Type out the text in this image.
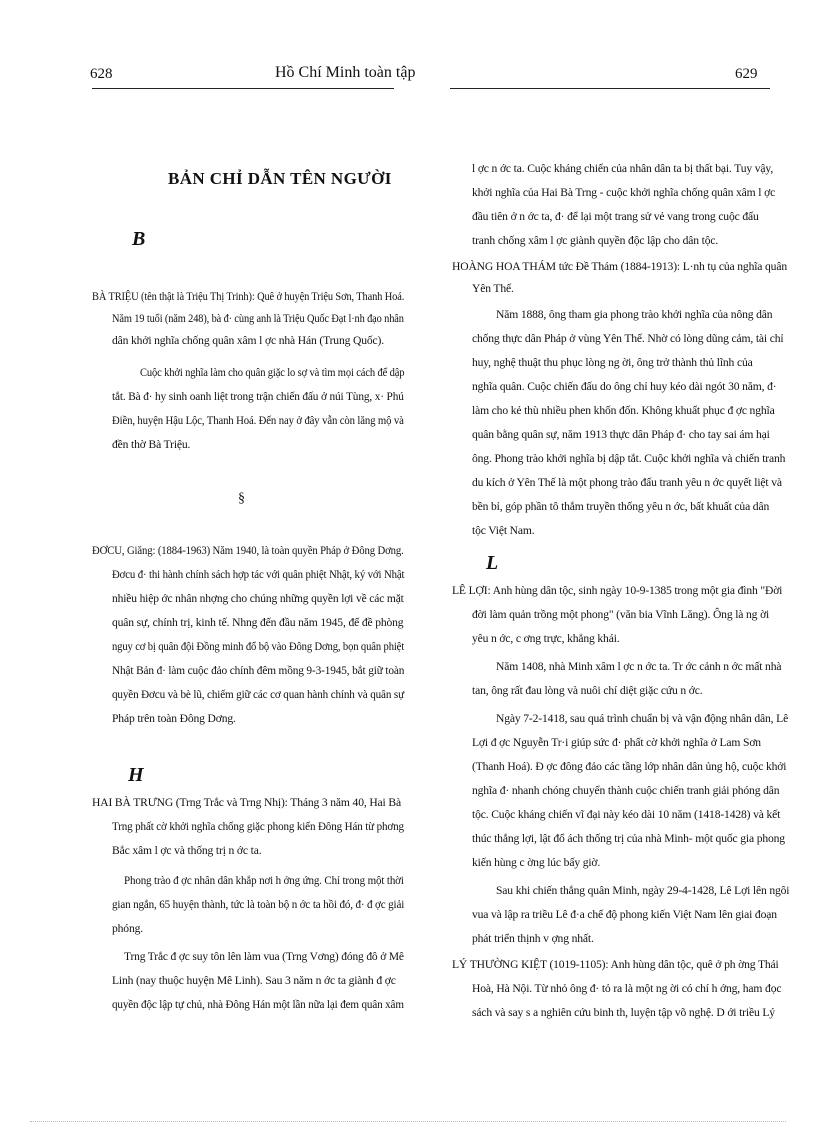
628	Hồ Chí Minh toàn tập	629
BẢN CHỈ DẪN TÊN NGƯỜI
B
BÀ TRIỆU (tên thật là Triệu Thị Trinh): Quê ở huyện Triệu Sơn, Thanh Hoá.
Năm 19 tuổi (năm 248), bà đ· cùng anh là Triệu Quốc Đạt l·nh đạo nhân
dân khởi nghĩa chống quân xâm l ợc nhà Hán (Trung Quốc).
Cuộc khởi nghĩa làm cho quân giặc lo sợ và tìm mọi cách để dập
tắt. Bà đ· hy sinh oanh liệt trong trận chiến đấu ở núi Tùng, x· Phú
Điền, huyện Hậu Lộc, Thanh Hoá. Đến nay ở đây vẫn còn lăng mộ và
đền thờ Bà Triệu.
§
ĐƠCU, Giăng: (1884-1963) Năm 1940, là toàn quyền Pháp ở Đông Dơng.
Đơcu đ· thi hành chính sách hợp tác với quân phiệt Nhật, ký với Nhật
nhiều hiệp ớc nhân nhợng cho chúng những quyền lợi về các mặt
quân sự, chính trị, kinh tế. Nhng đến đầu năm 1945, để đề phòng
nguy cơ bị quân đội Đồng minh đổ bộ vào Đông Dơng, bọn quân phiệt
Nhật Bản đ· làm cuộc đảo chính đêm mồng 9-3-1945, bắt giữ toàn
quyền Đơcu và bè lũ, chiếm giữ các cơ quan hành chính và quân sự
Pháp trên toàn Đông Dơng.
H
HAI BÀ TRƯNG (Trng Trắc và Trng Nhị): Tháng 3 năm 40, Hai Bà
Trng phất cờ khởi nghĩa chống giặc phong kiến Đông Hán từ phơng
Bắc xâm l ợc và thống trị n ớc ta.
Phong trào đ ợc nhân dân khắp nơi h ởng ứng. Chỉ trong một thời
gian ngắn, 65 huyện thành, tức là toàn bộ n ớc ta hồi đó, đ· đ ợc giải
phóng.
Trng Trắc đ ợc suy tôn lên làm vua (Trng Vơng) đóng đô ở Mê
Linh (nay thuộc huyện Mê Linh). Sau 3 năm n ớc ta giành đ ợc
quyền độc lập tự chủ, nhà Đông Hán một lần nữa lại đem quân xâm
l ợc n ớc ta. Cuộc kháng chiến của nhân dân ta bị thất bại. Tuy vậy,
khởi nghĩa của Hai Bà Trng - cuộc khởi nghĩa chống quân xâm l ợc
đầu tiên ở n ớc ta, đ· để lại một trang sử vẻ vang trong cuộc đấu
tranh chống xâm l ợc giành quyền độc lập cho dân tộc.
HOÀNG HOA THÁM tức Đề Thám (1884-1913): L·nh tụ của nghĩa quân
Yên Thế.
Năm 1888, ông tham gia phong trào khởi nghĩa của nông dân
chống thực dân Pháp ở vùng Yên Thế. Nhờ có lòng dũng cảm, tài chỉ
huy, nghệ thuật thu phục lòng ng ời, ông trở thành thủ lĩnh của
nghĩa quân. Cuộc chiến đấu do ông chỉ huy kéo dài ngót 30 năm, đ·
làm cho kẻ thù nhiều phen khốn đốn. Không khuất phục đ ợc nghĩa
quân bằng quân sự, năm 1913 thực dân Pháp đ· cho tay sai ám hại
ông. Phong trào khởi nghĩa bị dập tắt. Cuộc khởi nghĩa và chiến tranh
du kích ở Yên Thế là một phong trào đấu tranh yêu n ớc quyết liệt và
bền bỉ, góp phần tô thắm truyền thống yêu n ớc, bất khuất của dân
tộc Việt Nam.
L
LÊ LỢI: Anh hùng dân tộc, sinh ngày 10-9-1385 trong một gia đình "Đời
đời làm quản trồng một phong" (văn bia Vĩnh Lăng). Ông là ng ời
yêu n ớc, c ơng trực, khẳng khái.
Năm 1408, nhà Minh xâm l ợc n ớc ta. Tr ớc cảnh n ớc mất nhà
tan, ông rất đau lòng và nuôi chí diệt giặc cứu n ớc.
Ngày 7-2-1418, sau quá trình chuẩn bị và vận động nhân dân, Lê
Lợi đ ợc Nguyễn Tr·i giúp sức đ· phất cờ khởi nghĩa ở Lam Sơn
(Thanh Hoá). Đ ợc đông đảo các tầng lớp nhân dân ủng hộ, cuộc khởi
nghĩa đ· nhanh chóng chuyển thành cuộc chiến tranh giải phóng dân
tộc. Cuộc kháng chiến vĩ đại này kéo dài 10 năm (1418-1428) và kết
thúc thắng lợi, lật đổ ách thống trị của nhà Minh- một quốc gia phong
kiến hùng c ờng lúc bấy giờ.
Sau khi chiến thắng quân Minh, ngày 29-4-1428, Lê Lợi lên ngôi
vua và lập ra triều Lê đ·a chế độ phong kiến Việt Nam lên giai đoạn
phát triển thịnh v ợng nhất.
LÝ THƯỜNG KIỆT (1019-1105): Anh hùng dân tộc, quê ở ph ờng Thái
Hoà, Hà Nội. Từ nhỏ ông đ· tỏ ra là một ng ời có chí h ớng, ham đọc
sách và say s a nghiên cứu binh th, luyện tập võ nghệ. D ới triều Lý
